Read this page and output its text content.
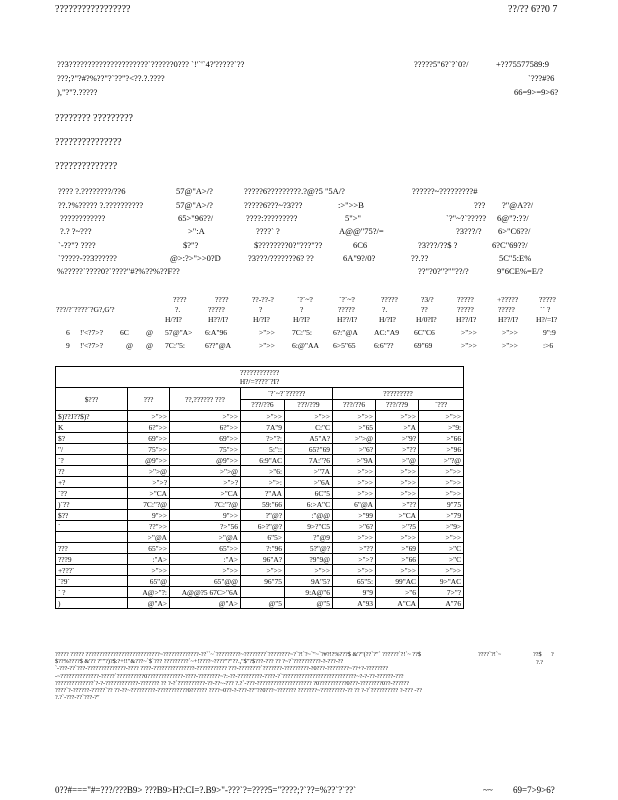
?????????????????	??/?? 6??0 7
??3?????????????????????`??????0??? `!'`'`4?'?????`??	?????5"6?`?`0?/	+??75577589:9
???;?"?#?%??"?`??"?<??.?.????	`???#?6
),"?"?.?????	66=9>=9>6?
???????? ?????????
???????????????
??????????????
???? ?.????????/??6	57@"A>/?	?????6?????????.?@?5 "5A/?	??????~?????????#
??.?%????? ?.??????????	57@"A>/?	?????6???~?3???	:>">>B	??? ?"@A??/
????????????	65>"96??/	????:?????????	5">"	`?"~?`????? 6@"?:??/
?.? ?~???	>":A	????` ?	A@@"75?/=	?3???/? 6>"C6??/
`-??"? ????	$?"?	$????????0?"???"??	6C6	?3???/??$ ?	6?C"69??/
`?????-??3??????	@>:?>">>0?D	?3???/???????6? ??	6A"9?/0?	??.??	5C"5:E%
%?????`????0?`????"#?%??%??F??	??"?0?"?""??/?	9"6CE%=E/?
????	????	??-??-?	`?`~?	`?`~?	?????	?3/?	?????	+?????	?????
???/?`????`?G?,G'?	?.	?????	?	?	?????	?.	??	?????	?????	`` ?
H/?I?	H??/I?	H/?I?	H/?I?	H??/I?	H/?I?	H/0?I?	H??/I?	H??/I? H?/=I?
6 !'<?7>? 6C @ 57@"A> 6:A"96	>">> 7C:"5:	6?:"@A AC:"A9 6C"C6	>">>	>">>	9":9
9 !'<?7>?	@ @ 7C:"5:	6??"@A	>">> 6:@"AA 6>5"65 6:6"??	69"69	>">>	>">>	:>6
????????????
H?/=????`?I?							

$???	???	??,?????? ???	`?`~?`??????		?????????		
			???/??6	???/??9	???/??6	???/??9	`???
$)??J??$)?	>">>	>">>	>">>	>">>	>">>	>">>	>">>
K	6?">>	6?">>	7A"9	C:"C	>"65	>"A	>"9:
$?	69">>	69">>	?>"?:	A5"A?	>">@	>"9?	>"66
"/	75">>	75">>	5:"::	65?"69	>"6?	>"??	>"96
`?	@9">>	@9">>	6:9"AC	7A:"?6	>"9A	>"@	>"?@
??	>">@	>">@	>"6:	>"7A	>">>	>">>	>">>
+?	>">?	>">?	>">:	>"6A	>">>	>">>	>">>
`??	>"CA	>"CA	?"AA	6C"5	>">>	>">>	>">>
)`??	7C:"?@	7C:"?@	59:"66	6:>A"C	6"@A	>"??	9"75
$??	9">>	9">>	?"@?	:"@@	>"99	>"CA	>"79
`	??">>	?>"56	6>?"@?	9>?"C5	>"6?	>"?5	>"9>
	>"@A	>"@A	6"5>	?"@9	>">>	>">>	>">>
???	65">>	65">>	?:"96	5?"@?	>"??	>"69	>"C
???9	:"A>	:"A>	96"A?	?9"9@	>">?	>"66	>"C
+???`	>">>	>">>	>">>	>">>	>">>	>">>	>">>
`?9`	65"@	65"@@	96"75	9A"5?	65"5:	99"AC	9>"AC
` ?	A@>"?:	A@@?5 67C>"6A		9:A@"6	9"9	>"6	7>"?
)	@"A>	@"A>	@"5	@"5	A"93	A"CA	A"76
????? ????? ???????????????????????????~?????????????-??``~`?????????~????????`????????~?`?!`?~`"~`?#?!?%???$ &'?"(??`?"` ??????`?!`~ ??$
$??%????$ &'?? ?""?)?$:?+!!"&???~`$`??? ?????????`~+!????~????"?"??.,"$"?$???-??? ?? ?~?`??????????-?-???-??
`-???-??`???-??????????????-???? ????-???????????????-??????????? ???-????????`???????-?????????-?0???-????????~??+?-????????
-~??????????????-?????`??????????0?????????????-????-????????~?:-??-?????????-????-?`???????????????????????????~?-?-??-??????-???
??????????????`?-?-????????????-??????? ?? ?-?`??????????-??-??~-??? ?.?`-???-???????????????????? ?0??????????0???-????????0??-??????
????`?-??????-?????`?? ??-??~?????????-???????????0?????? ????~0??-?-???-??"??0???~??????? ???????~?????????-?? ?? ?-?`?????????? ?-??? -??
?.?`-???-??`???-?"
????`?!`~	??$ ?
?.?
0??#==="#=???/???B9> ???B9>H?:CI=?.B9>"-???`?=????5="????;?`??=%??`?`??`	~~ 69=7>9>6?
